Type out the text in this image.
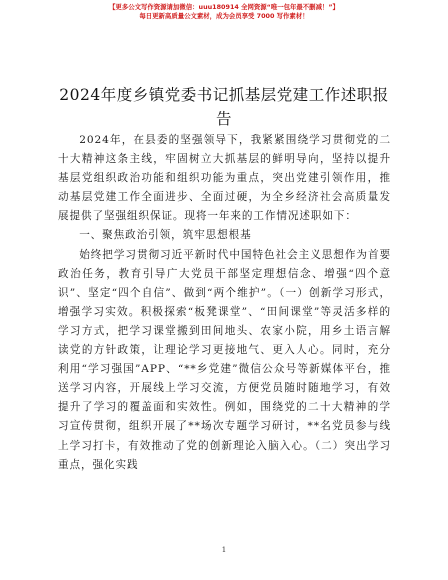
【更多公文写作资源请加微信：uuu180914 全网资源“唯一包年最不删减！”】
每日更新高质量公文素材，成为会员享受 7000 写作素材！
2024年度乡镇党委书记抓基层党建工作述职报告

2024年，在县委的坚强领导下，我紧紧围绕学习贯彻党的二十大精神这条主线，牢固树立大抓基层的鲜明导向，坚持以提升基层党组织政治功能和组织功能为重点，突出党建引领作用，推动基层党建工作全面进步、全面过硬，为全乡经济社会高质量发展提供了坚强组织保证。现将一年来的工作情况述职如下：

一、聚焦政治引领，筑牢思想根基

始终把学习贯彻习近平新时代中国特色社会主义思想作为首要政治任务，教育引导广大党员干部坚定理想信念、增强“四个意识”、坚定“四个自信”、做到“两个维护”。（一）创新学习形式，增强学习实效。积极探索“板凳课堂”、“田间课堂”等灵活多样的学习方式，把学习课堂搬到田间地头、农家小院，用乡土语言解读党的方针政策，让理论学习更接地气、更入人心。同时，充分利用“学习强国”APP、“**乡党建”微信公众号等新媒体平台，推送学习内容，开展线上学习交流，方便党员随时随地学习，有效提升了学习的覆盖面和实效性。例如，围绕党的二十大精神的学习宣传贯彻，组织开展了**场次专题学习研讨，**名党员参与线上学习打卡，有效推动了党的创新理论入脑入心。（二）突出学习重点，强化实践

1
